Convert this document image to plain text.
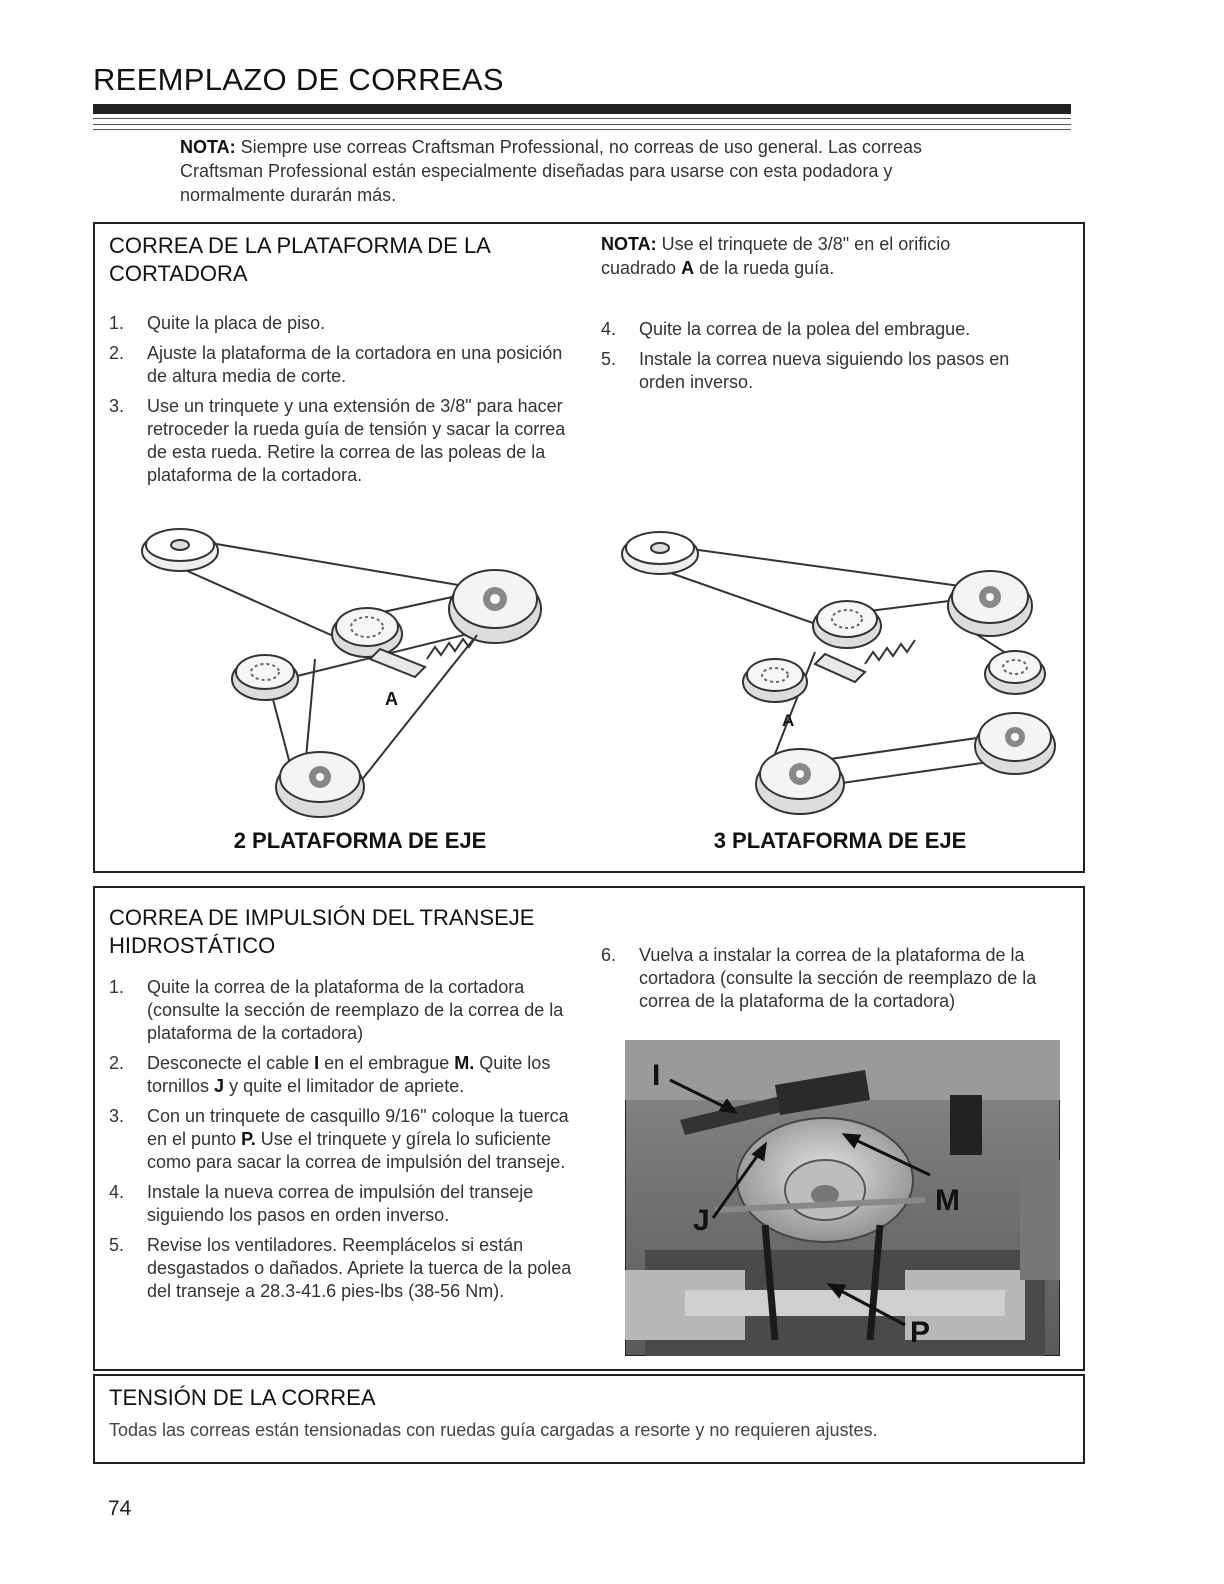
REEMPLAZO DE CORREAS
NOTA: Siempre use correas Craftsman Professional, no correas de uso general. Las correas Craftsman Professional están especialmente diseñadas para usarse con esta podadora y normalmente durarán más.
CORREA DE LA PLATAFORMA DE LA CORTADORA
1. Quite la placa de piso.
2. Ajuste la plataforma de la cortadora en una posición de altura media de corte.
3. Use un trinquete y una extensión de 3/8" para hacer retroceder la rueda guía de tensión y sacar la correa de esta rueda. Retire la correa de las poleas de la plataforma de la cortadora.
NOTA: Use el trinquete de 3/8" en el orificio cuadrado A de la rueda guía.
4. Quite la correa de la polea del embrague.
5. Instale la correa nueva siguiendo los pasos en orden inverso.
A
A
2 PLATAFORMA DE EJE	3 PLATAFORMA DE EJE
CORREA DE IMPULSIÓN DEL TRANSEJE HIDROSTÁTICO
1. Quite la correa de la plataforma de la cortadora (consulte la sección de reemplazo de la correa de la plataforma de la cortadora)
2. Desconecte el cable I en el embrague M. Quite los tornillos J y quite el limitador de apriete.
3. Con un trinquete de casquillo 9/16" coloque la tuerca en el punto P. Use el trinquete y gírela lo suficiente como para sacar la correa de impulsión del transeje.
4. Instale la nueva correa de impulsión del transeje siguiendo los pasos en orden inverso.
5. Revise los ventiladores. Reemplácelos si están desgastados o dañados. Apriete la tuerca de la polea del transeje a 28.3-41.6 pies-lbs (38-56 Nm).
6. Vuelva a instalar la correa de la plataforma de la cortadora (consulte la sección de reemplazo de la correa de la plataforma de la cortadora)
I
J
M
P
TENSIÓN DE LA CORREA
Todas las correas están tensionadas con ruedas guía cargadas a resorte y no requieren ajustes.
74
